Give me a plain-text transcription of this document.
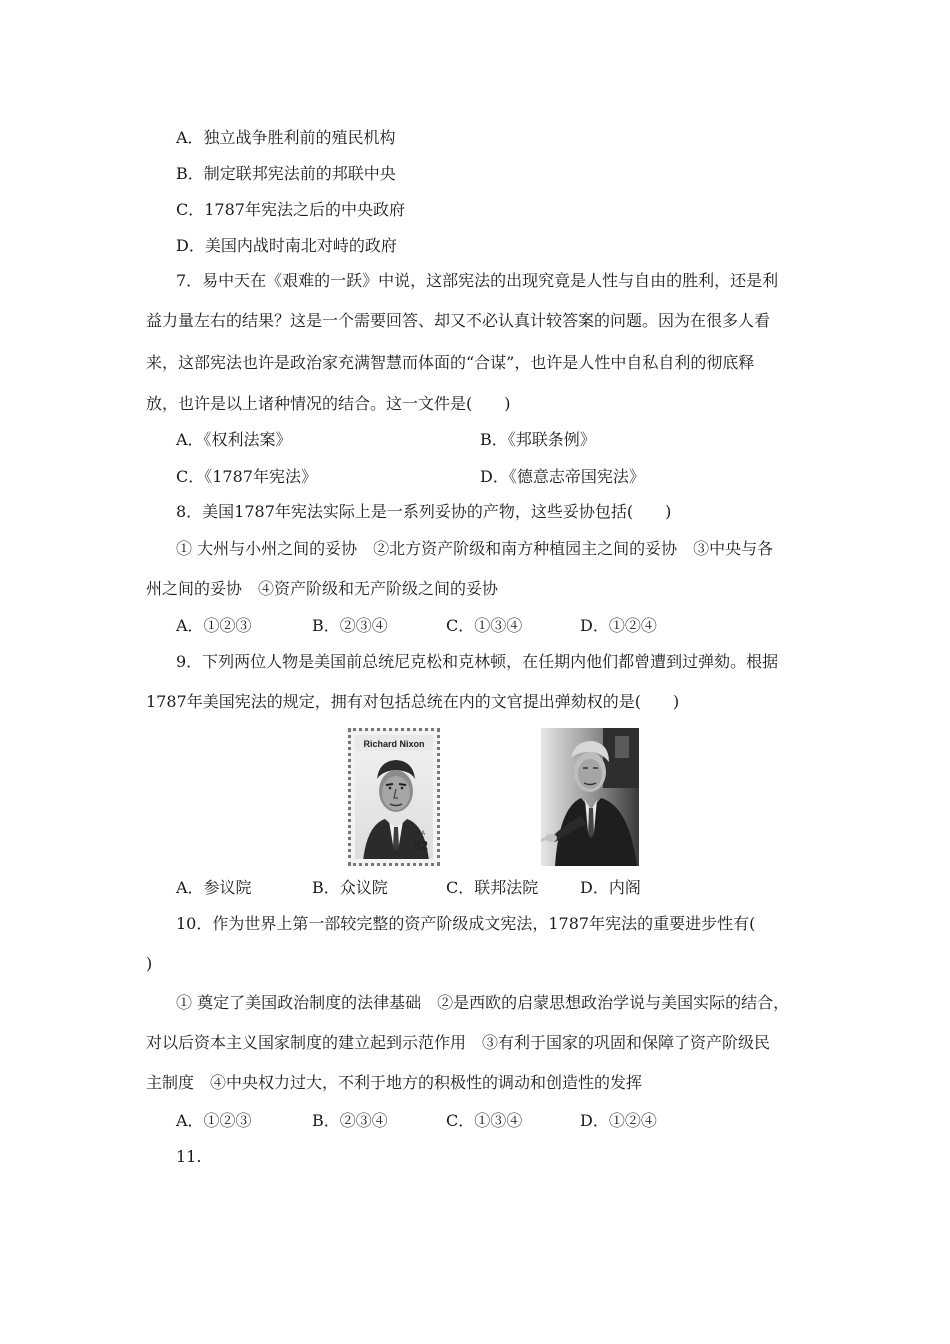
A．独立战争胜利前的殖民机构
B．制定联邦宪法前的邦联中央
C．1787年宪法之后的中央政府
D．美国内战时南北对峙的政府
7．易中天在《艰难的一跃》中说，这部宪法的出现究竟是人性与自由的胜利，还是利
益力量左右的结果？这是一个需要回答、却又不必认真计较答案的问题。因为在很多人看
来，这部宪法也许是政治家充满智慧而体面的“合谋”，也许是人性中自私自利的彻底释
放，也许是以上诸种情况的结合。这一文件是(　　)
A．《权利法案》	B．《邦联条例》
C．《1787年宪法》	D．《德意志帝国宪法》
8．美国1787年宪法实际上是一系列妥协的产物，这些妥协包括(　　)
① 大州与小州之间的妥协　②北方资产阶级和南方种植园主之间的妥协　③中央与各
州之间的妥协　④资产阶级和无产阶级之间的妥协
A．①②③	B．②③④	C．①③④	D．①②④
9．下列两位人物是美国前总统尼克松和克林顿，在任期内他们都曾遭到过弹劾。根据
1787年美国宪法的规定，拥有对包括总统在内的文官提出弹劾权的是(　　)
Richard Nixon
USA
32
A．参议院	B．众议院	C．联邦法院	D．内阁
10．作为世界上第一部较完整的资产阶级成文宪法，1787年宪法的重要进步性有(
)
① 奠定了美国政治制度的法律基础　②是西欧的启蒙思想政治学说与美国实际的结合，
对以后资本主义国家制度的建立起到示范作用　③有利于国家的巩固和保障了资产阶级民
主制度　④中央权力过大，不利于地方的积极性的调动和创造性的发挥
A．①②③	B．②③④	C．①③④	D．①②④
11.
